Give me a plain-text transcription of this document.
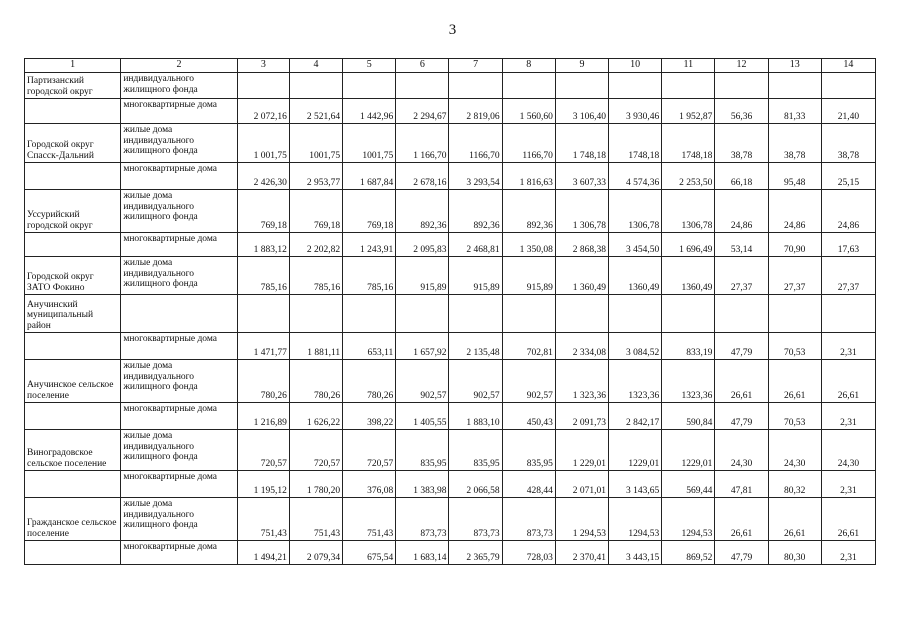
3
1	2	3	4	5	6	7	8	9	10	11	12	13	14
Партизанский городской округ	индивидуального жилищного фонда												
	многоквартирные дома	2 072,16	2 521,64	1 442,96	2 294,67	2 819,06	1 560,60	3 106,40	3 930,46	1 952,87	56,36	81,33	21,40
Городской округ Спасск-Дальний	жилые дома индивидуального жилищного фонда	1 001,75	1001,75	1001,75	1 166,70	1166,70	1166,70	1 748,18	1748,18	1748,18	38,78	38,78	38,78
	многоквартирные дома	2 426,30	2 953,77	1 687,84	2 678,16	3 293,54	1 816,63	3 607,33	4 574,36	2 253,50	66,18	95,48	25,15
Уссурийский городской округ	жилые дома индивидуального жилищного фонда	769,18	769,18	769,18	892,36	892,36	892,36	1 306,78	1306,78	1306,78	24,86	24,86	24,86
	многоквартирные дома	1 883,12	2 202,82	1 243,91	2 095,83	2 468,81	1 350,08	2 868,38	3 454,50	1 696,49	53,14	70,90	17,63
Городской округ ЗАТО Фокино	жилые дома индивидуального жилищного фонда	785,16	785,16	785,16	915,89	915,89	915,89	1 360,49	1360,49	1360,49	27,37	27,37	27,37
Анучинский муниципальный район													
	многоквартирные дома	1 471,77	1 881,11	653,11	1 657,92	2 135,48	702,81	2 334,08	3 084,52	833,19	47,79	70,53	2,31
Анучинское сельское поселение	жилые дома индивидуального жилищного фонда	780,26	780,26	780,26	902,57	902,57	902,57	1 323,36	1323,36	1323,36	26,61	26,61	26,61
	многоквартирные дома	1 216,89	1 626,22	398,22	1 405,55	1 883,10	450,43	2 091,73	2 842,17	590,84	47,79	70,53	2,31
Виноградовское сельское поселение	жилые дома индивидуального жилищного фонда	720,57	720,57	720,57	835,95	835,95	835,95	1 229,01	1229,01	1229,01	24,30	24,30	24,30
	многоквартирные дома	1 195,12	1 780,20	376,08	1 383,98	2 066,58	428,44	2 071,01	3 143,65	569,44	47,81	80,32	2,31
Гражданское сельское поселение	жилые дома индивидуального жилищного фонда	751,43	751,43	751,43	873,73	873,73	873,73	1 294,53	1294,53	1294,53	26,61	26,61	26,61
	многоквартирные дома	1 494,21	2 079,34	675,54	1 683,14	2 365,79	728,03	2 370,41	3 443,15	869,52	47,79	80,30	2,31
